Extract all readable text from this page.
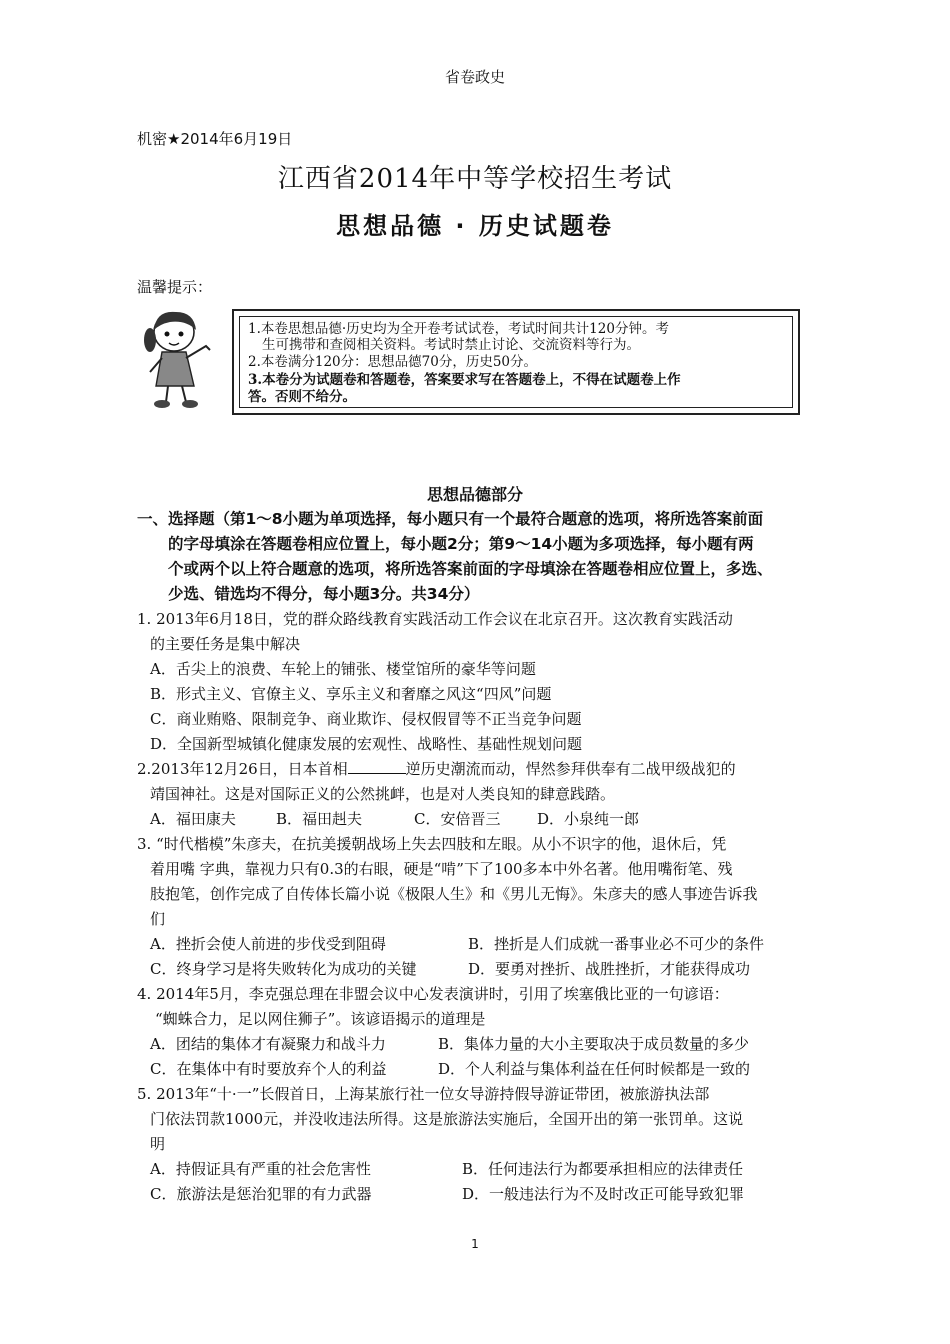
省卷政史
机密★2014年6月19日
江西省2014年中等学校招生考试
思想品德 · 历史试题卷
温馨提示：
1.本卷思想品德·历史均为全开卷考试试卷，考试时间共计120分钟。考
生可携带和查阅相关资料。考试时禁止讨论、交流资料等行为。
2.本卷满分120分：思想品德70分，历史50分。
3.本卷分为试题卷和答题卷，答案要求写在答题卷上，不得在试题卷上作
答。否则不给分。
思想品德部分
一、选择题（第1～8小题为单项选择，每小题只有一个最符合题意的选项，将所选答案前面
的字母填涂在答题卷相应位置上，每小题2分；第9～14小题为多项选择，每小题有两
个或两个以上符合题意的选项，将所选答案前面的字母填涂在答题卷相应位置上，多选、
少选、错选均不得分，每小题3分。共34分）
1. 2013年6月18日，党的群众路线教育实践活动工作会议在北京召开。这次教育实践活动
的主要任务是集中解决
A．舌尖上的浪费、车轮上的铺张、楼堂馆所的豪华等问题
B．形式主义、官僚主义、享乐主义和奢靡之风这“四风”问题
C．商业贿赂、限制竞争、商业欺诈、侵权假冒等不正当竞争问题
D．全国新型城镇化健康发展的宏观性、战略性、基础性规划问题
2.2013年12月26日，日本首相	逆历史潮流而动，悍然参拜供奉有二战甲级战犯的
靖国神社。这是对国际正义的公然挑衅，也是对人类良知的肆意践踏。
A．福田康夫	B．福田赳夫	C．安倍晋三 D．小泉纯一郎
3. “时代楷模”朱彦夫，在抗美援朝战场上失去四肢和左眼。从小不识字的他，退休后，凭
着用嘴 字典，靠视力只有0.3的右眼，硬是“啃”下了100多本中外名著。他用嘴衔笔、残
肢抱笔，创作完成了自传体长篇小说《极限人生》和《男儿无悔》。朱彦夫的感人事迹告诉我
们
A．挫折会使人前进的步伐受到阻碍	B．挫折是人们成就一番事业必不可少的条件
C．终身学习是将失败转化为成功的关键	D．要勇对挫折、战胜挫折，才能获得成功
4. 2014年5月，李克强总理在非盟会议中心发表演讲时，引用了埃塞俄比亚的一句谚语：
“蜘蛛合力，足以网住狮子”。该谚语揭示的道理是
A．团结的集体才有凝聚力和战斗力	B．集体力量的大小主要取决于成员数量的多少
C．在集体中有时要放弃个人的利益	D．个人利益与集体利益在任何时候都是一致的
5. 2013年“十·一”长假首日，上海某旅行社一位女导游持假导游证带团，被旅游执法部
门依法罚款1000元，并没收违法所得。这是旅游法实施后，全国开出的第一张罚单。这说
明
A．持假证具有严重的社会危害性	B．任何违法行为都要承担相应的法律责任
C．旅游法是惩治犯罪的有力武器	D．一般违法行为不及时改正可能导致犯罪
1
